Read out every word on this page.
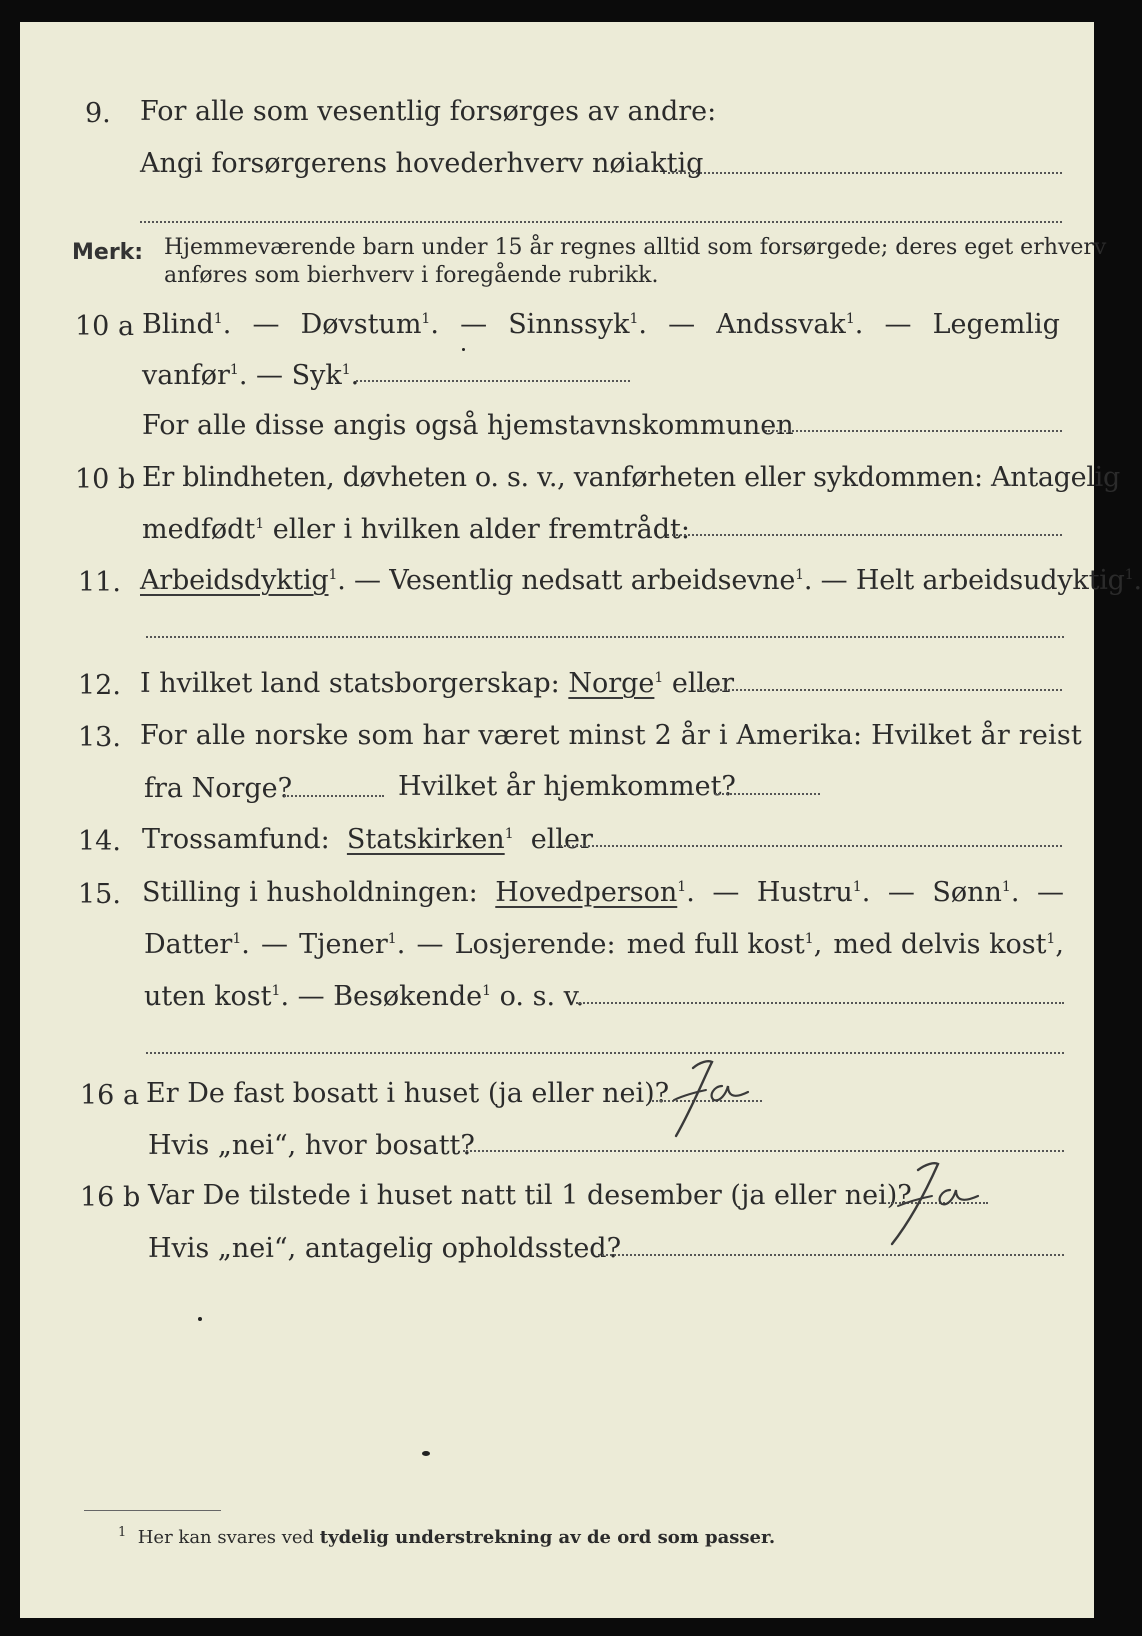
9. For alle som vesentlig forsørges av andre:
Angi forsørgerens hovederhverv nøiaktig
Merk: Hjemmeværende barn under 15 år regnes alltid som forsørgede; deres eget erhverv
anføres som bierhverv i foregående rubrikk.
10 a Blind$^1$. — Døvstum$^1$. — Sinnssyk$^1$. — Andssvak$^1$. — Legemlig
vanfør$^1$. — Syk$^1$.
For alle disse angis også hjemstavnskommunen
10 b Er blindheten, døvheten o. s. v., vanførheten eller sykdommen: Antagelig
medfødt$^1$ eller i hvilken alder fremtrådt:
11. Arbeidsdyktig$^1$. — Vesentlig nedsatt arbeidsevne$^1$. — Helt arbeidsudyktig$^1$.
12. I hvilket land statsborgerskap: Norge$^1$ eller
13. For alle norske som har været minst 2 år i Amerika: Hvilket år reist
fra Norge?	Hvilket år hjemkommet?
14. Trossamfund: Statskirken$^1$ eller
15. Stilling i husholdningen: Hovedperson$^1$. — Hustru$^1$. — Sønn$^1$. —
Datter$^1$. — Tjener$^1$. — Losjerende: med full kost$^1$, med delvis kost$^1$,
uten kost$^1$. — Besøkende$^1$ o. s. v.
16 a Er De fast bosatt i huset (ja eller nei)?
Hvis „nei“, hvor bosatt?
16 b Var De tilstede i huset natt til 1 desember (ja eller nei)?
Hvis „nei“, antagelig opholdssted?
$^1$ Her kan svares ved tydelig understrekning av de ord som passer.
